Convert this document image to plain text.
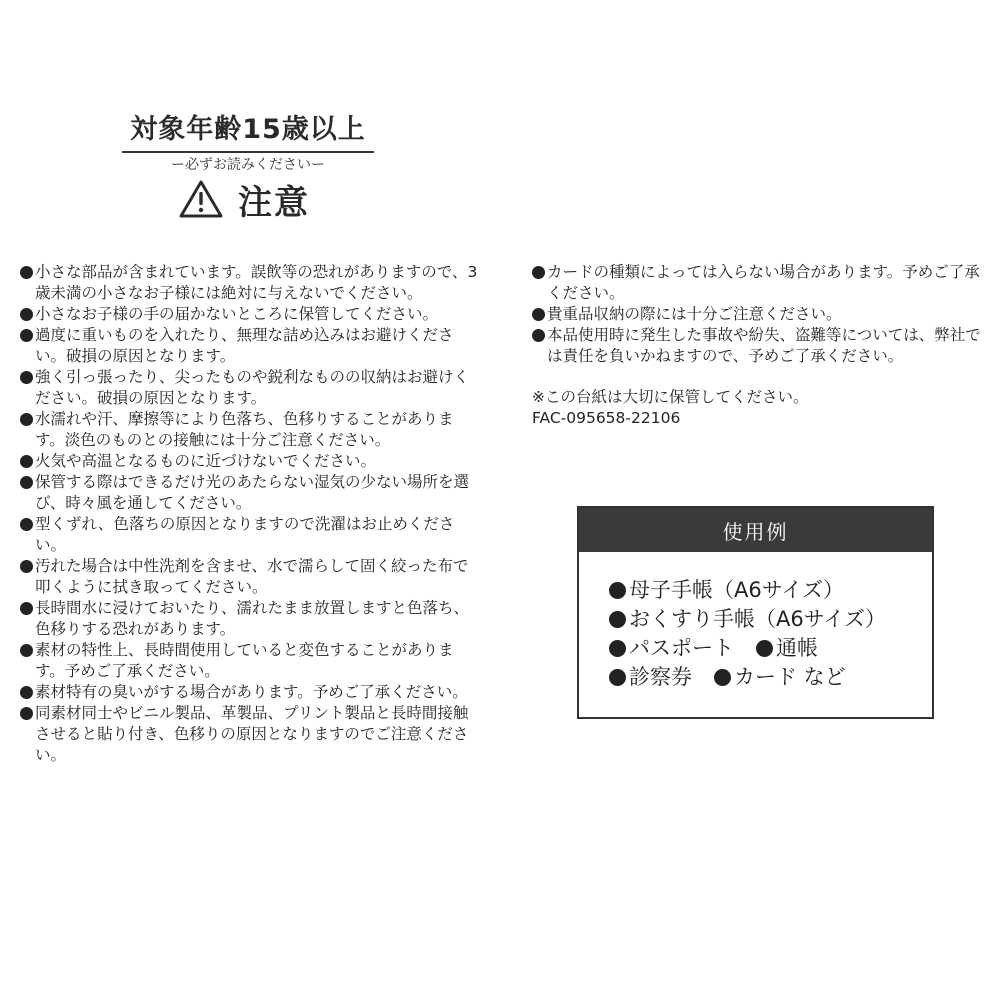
対象年齢15歳以上
ー必ずお読みくださいー
注意
小さな部品が含まれています。誤飲等の恐れがありますので、3歳未満の小さなお子様には絶対に与えないでください。
小さなお子様の手の届かないところに保管してください。
過度に重いものを入れたり、無理な詰め込みはお避けください。破損の原因となります。
強く引っ張ったり、尖ったものや鋭利なものの収納はお避けください。破損の原因となります。
水濡れや汗、摩擦等により色落ち、色移りすることがあります。淡色のものとの接触には十分ご注意ください。
火気や高温となるものに近づけないでください。
保管する際はできるだけ光のあたらない湿気の少ない場所を選び、時々風を通してください。
型くずれ、色落ちの原因となりますので洗濯はお止めください。
汚れた場合は中性洗剤を含ませ、水で濡らして固く絞った布で叩くように拭き取ってください。
長時間水に浸けておいたり、濡れたまま放置しますと色落ち、色移りする恐れがあります。
素材の特性上、長時間使用していると変色することがあります。予めご了承ください。
素材特有の臭いがする場合があります。予めご了承ください。
同素材同士やビニル製品、革製品、プリント製品と長時間接触させると貼り付き、色移りの原因となりますのでご注意ください。
カードの種類によっては入らない場合があります。予めご了承ください。
貴重品収納の際には十分ご注意ください。
本品使用時に発生した事故や紛失、盗難等については、弊社では責任を負いかねますので、予めご了承ください。
※この台紙は大切に保管してください。
FAC-095658-22106
使用例
母子手帳（A6サイズ）
おくすり手帳（A6サイズ）
パスポート 通帳
診察券 カード など
